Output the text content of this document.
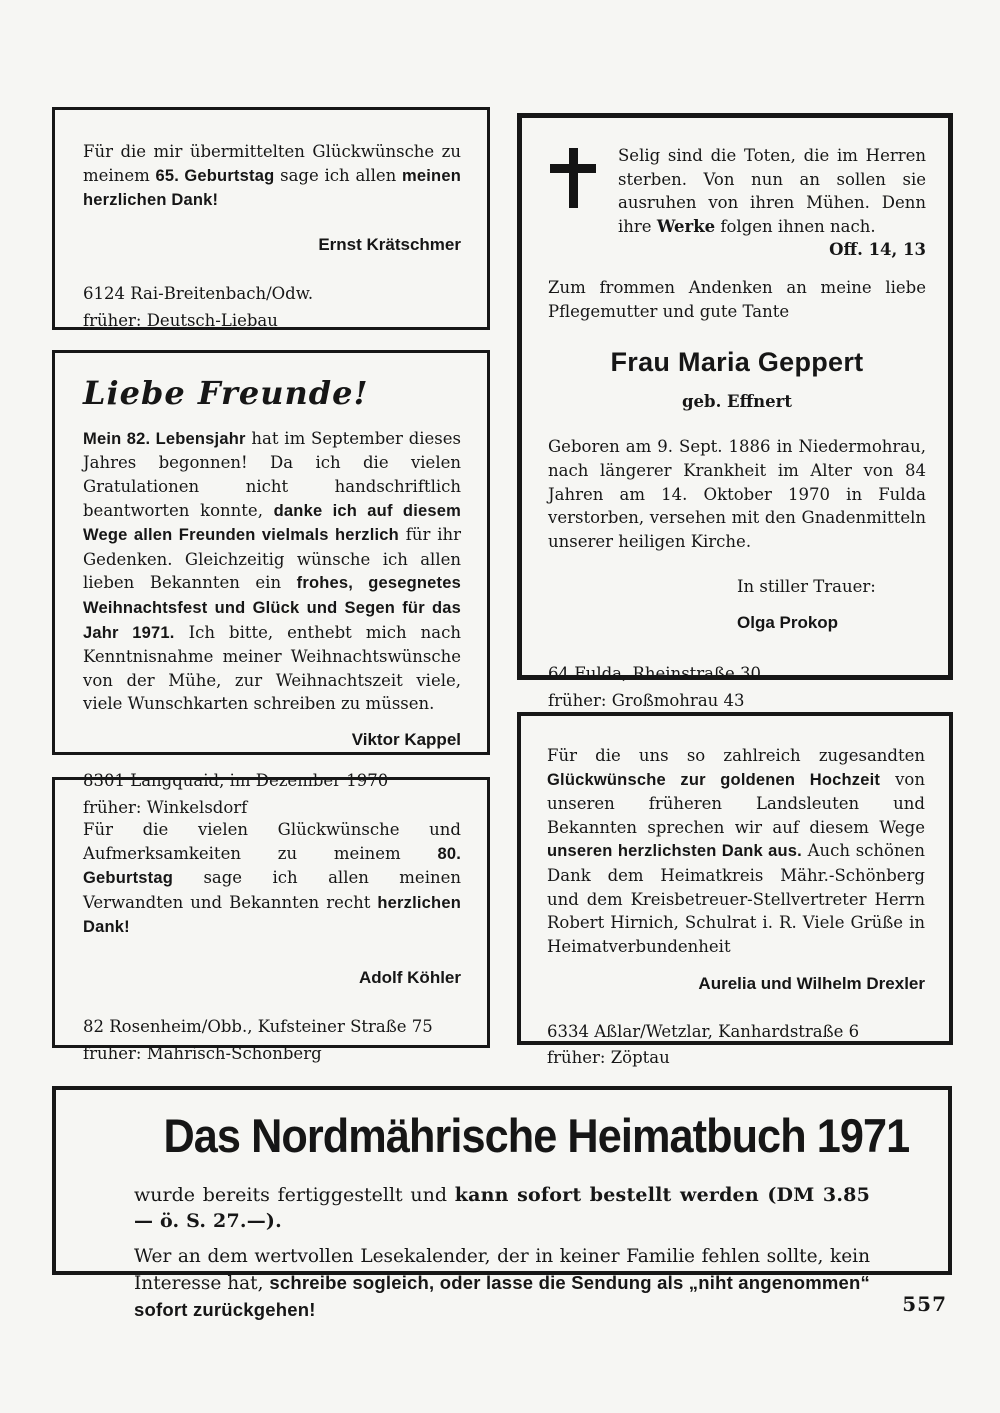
Für die mir übermittelten Glückwünsche zu meinem 65. Geburtstag sage ich allen meinen herzlichen Dank!

Ernst Krätschmer

6124 Rai-Breitenbach/Odw.

früher: Deutsch-Liebau

Liebe Freunde!

Mein 82. Lebensjahr hat im September dieses Jahres begonnen! Da ich die vielen Gratulationen nicht handschriftlich beantworten konnte, danke ich auf diesem Wege allen Freunden vielmals herzlich für ihr Gedenken. Gleichzeitig wünsche ich allen lieben Bekannten ein frohes, gesegnetes Weihnachtsfest und Glück und Segen für das Jahr 1971. Ich bitte, enthebt mich nach Kenntnisnahme meiner Weihnachtswünsche von der Mühe, zur Weihnachtszeit viele, viele Wunschkarten schreiben zu müssen.

Viktor Kappel

8301 Langquaid, im Dezember 1970

früher: Winkelsdorf

Für die vielen Glückwünsche und Aufmerksamkeiten zu meinem 80. Geburtstag sage ich allen meinen Verwandten und Bekannten recht herzlichen Dank!

Adolf Köhler

82 Rosenheim/Obb., Kufsteiner Straße 75

früher: Mährisch-Schönberg

Selig sind die Toten, die im Herren sterben. Von nun an sollen sie ausruhen von ihren Mühen. Denn ihre Werke folgen ihnen nach.
Off. 14, 13

Zum frommen Andenken an meine liebe Pflegemutter und gute Tante

Frau Maria Geppert

geb. Effnert

Geboren am 9. Sept. 1886 in Niedermohrau, nach längerer Krankheit im Alter von 84 Jahren am 14. Oktober 1970 in Fulda verstorben, versehen mit den Gnadenmitteln unserer heiligen Kirche.

In stiller Trauer:

Olga Prokop

64 Fulda, Rheinstraße 30

früher: Großmohrau 43

Für die uns so zahlreich zugesandten Glückwünsche zur goldenen Hochzeit von unseren früheren Landsleuten und Bekannten sprechen wir auf diesem Wege unseren herzlichsten Dank aus. Auch schönen Dank dem Heimatkreis Mähr.-Schönberg und dem Kreisbetreuer-Stellvertreter Herrn Robert Hirnich, Schulrat i. R. Viele Grüße in Heimatverbundenheit

Aurelia und Wilhelm Drexler

6334 Aßlar/Wetzlar, Kanhardstraße 6

früher: Zöptau

Das Nordmährische Heimatbuch 1971

wurde bereits fertiggestellt und kann sofort bestellt werden (DM 3.85 — ö. S. 27.—).

Wer an dem wertvollen Lesekalender, der in keiner Familie fehlen sollte, kein Interesse hat, schreibe sogleich, oder lasse die Sendung als „niht angenommen“ sofort zurückgehen!	557
